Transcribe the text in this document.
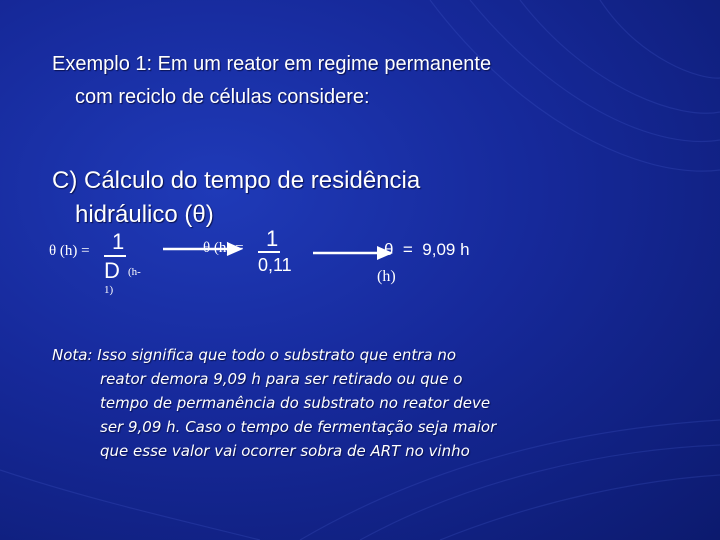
Exemplo 1: Em um reator em regime permanente
com reciclo de células considere:
C) Cálculo do tempo de residência
hidráulico (θ)
θ (h) = 1
D (h-
1)
θ (h) = 1
0,11
θ  =  9,09 h
(h)
Nota: Isso significa que todo o substrato que entra no
reator demora 9,09 h para ser retirado ou que o
tempo de permanência do substrato no reator deve
ser 9,09 h. Caso o tempo de fermentação seja maior
que esse valor vai ocorrer sobra de ART no vinho
